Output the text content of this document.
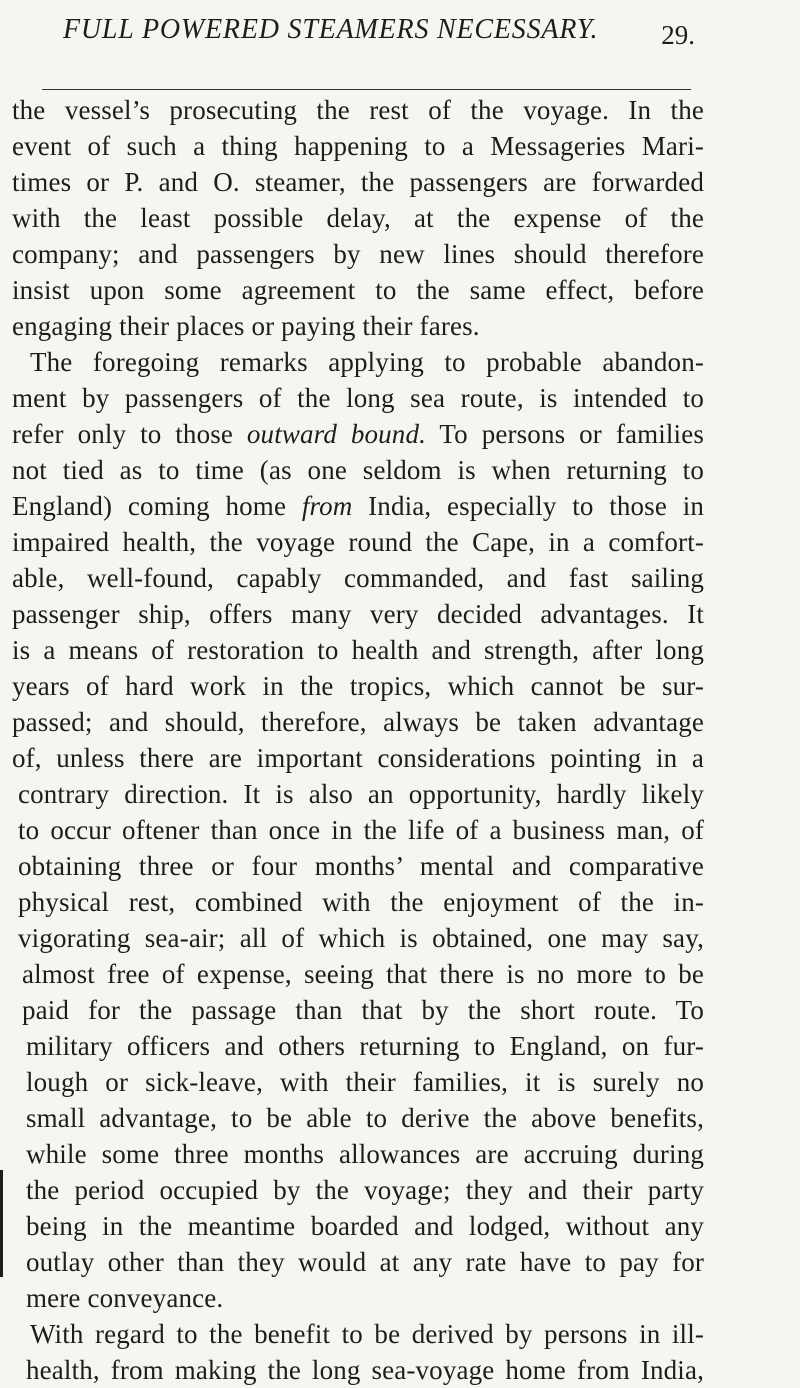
FULL POWERED STEAMERS NECESSARY. 29.
the vessel’s prosecuting the rest of the voyage. In the
event of such a thing happening to a Messageries Mari-
times or P. and O. steamer, the passengers are forwarded
with the least possible delay, at the expense of the
company; and passengers by new lines should therefore
insist upon some agreement to the same effect, before
engaging their places or paying their fares.
The foregoing remarks applying to probable abandon-
ment by passengers of the long sea route, is intended to
refer only to those outward bound. To persons or families
not tied as to time (as one seldom is when returning to
England) coming home from India, especially to those in
impaired health, the voyage round the Cape, in a comfort-
able, well-found, capably commanded, and fast sailing
passenger ship, offers many very decided advantages. It
is a means of restoration to health and strength, after long
years of hard work in the tropics, which cannot be sur-
passed; and should, therefore, always be taken advantage
of, unless there are important considerations pointing in a
contrary direction. It is also an opportunity, hardly likely
to occur oftener than once in the life of a business man, of
obtaining three or four months’ mental and comparative
physical rest, combined with the enjoyment of the in-
vigorating sea-air; all of which is obtained, one may say,
almost free of expense, seeing that there is no more to be
paid for the passage than that by the short route. To
military officers and others returning to England, on fur-
lough or sick-leave, with their families, it is surely no
small advantage, to be able to derive the above benefits,
while some three months allowances are accruing during
the period occupied by the voyage; they and their party
being in the meantime boarded and lodged, without any
outlay other than they would at any rate have to pay for
mere conveyance.
With regard to the benefit to be derived by persons in ill-
health, from making the long sea-voyage home from India,
